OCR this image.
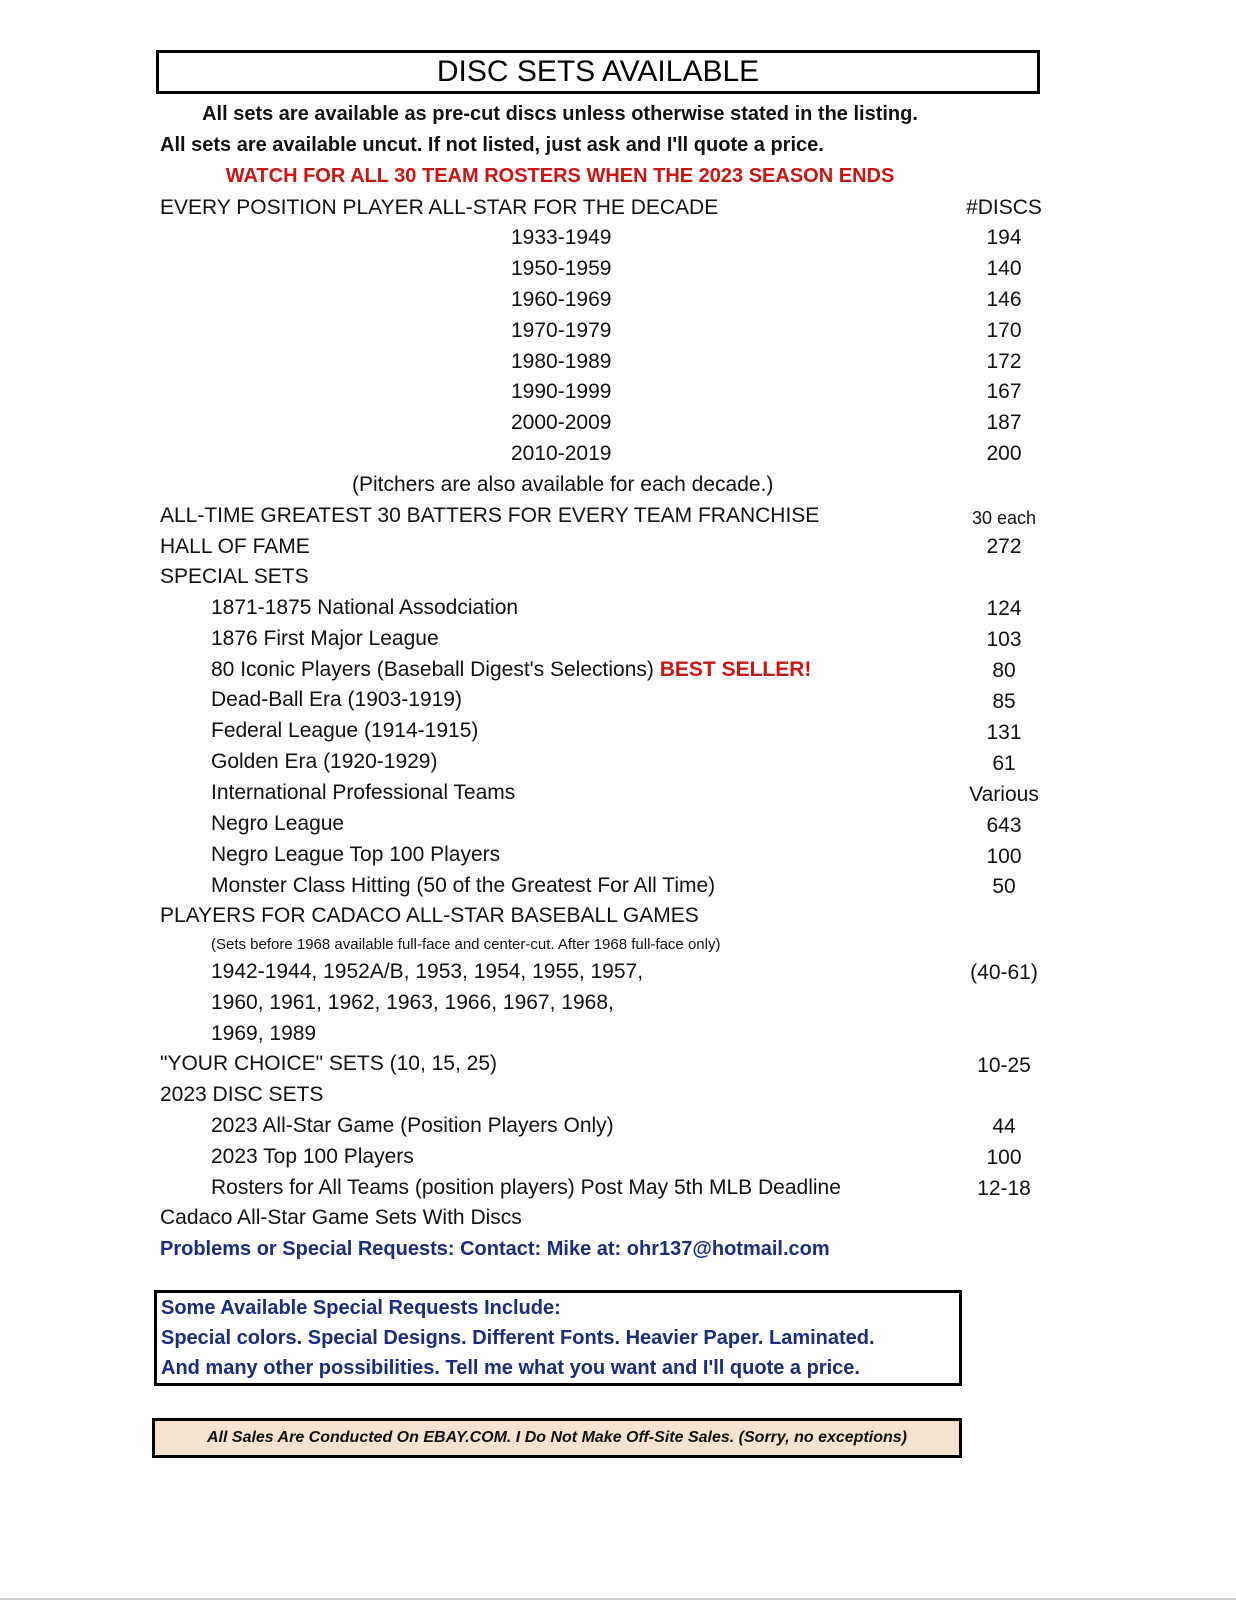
DISC SETS AVAILABLE
All sets are available as pre-cut discs unless otherwise stated in the listing.
All sets are available uncut. If not listed, just ask and I'll quote a price.
WATCH FOR ALL 30 TEAM ROSTERS WHEN THE 2023 SEASON ENDS
EVERY POSITION PLAYER ALL-STAR FOR THE DECADE	#DISCS
1933-1949	194
1950-1959	140
1960-1969	146
1970-1979	170
1980-1989	172
1990-1999	167
2000-2009	187
2010-2019	200
(Pitchers are also available for each decade.)
ALL-TIME GREATEST 30 BATTERS FOR EVERY TEAM FRANCHISE	30 each
HALL OF FAME	272
SPECIAL SETS
1871-1875 National Assodciation	124
1876 First Major League	103
80 Iconic Players (Baseball Digest's Selections) BEST SELLER!	80
Dead-Ball Era (1903-1919)	85
Federal League (1914-1915)	131
Golden Era (1920-1929)	61
International Professional Teams	Various
Negro League	643
Negro League Top 100 Players	100
Monster Class Hitting (50 of the Greatest For All Time)	50
PLAYERS FOR CADACO ALL-STAR BASEBALL GAMES
(Sets before 1968 available full-face and center-cut. After 1968 full-face only)
1942-1944, 1952A/B, 1953, 1954, 1955, 1957,	(40-61)
1960, 1961, 1962, 1963, 1966, 1967, 1968,
1969, 1989
"YOUR CHOICE" SETS (10, 15, 25)	10-25
2023 DISC SETS
2023 All-Star Game (Position Players Only)	44
2023 Top 100 Players	100
Rosters for All Teams (position players) Post May 5th MLB Deadline	12-18
Cadaco All-Star Game Sets With Discs
Problems or Special Requests: Contact: Mike at: ohr137@hotmail.com
Some Available Special Requests Include:
Special colors. Special Designs. Different Fonts. Heavier Paper. Laminated.
And many other possibilities. Tell me what you want and I'll quote a price.
All Sales Are Conducted On EBAY.COM. I Do Not Make Off-Site Sales. (Sorry, no exceptions)
